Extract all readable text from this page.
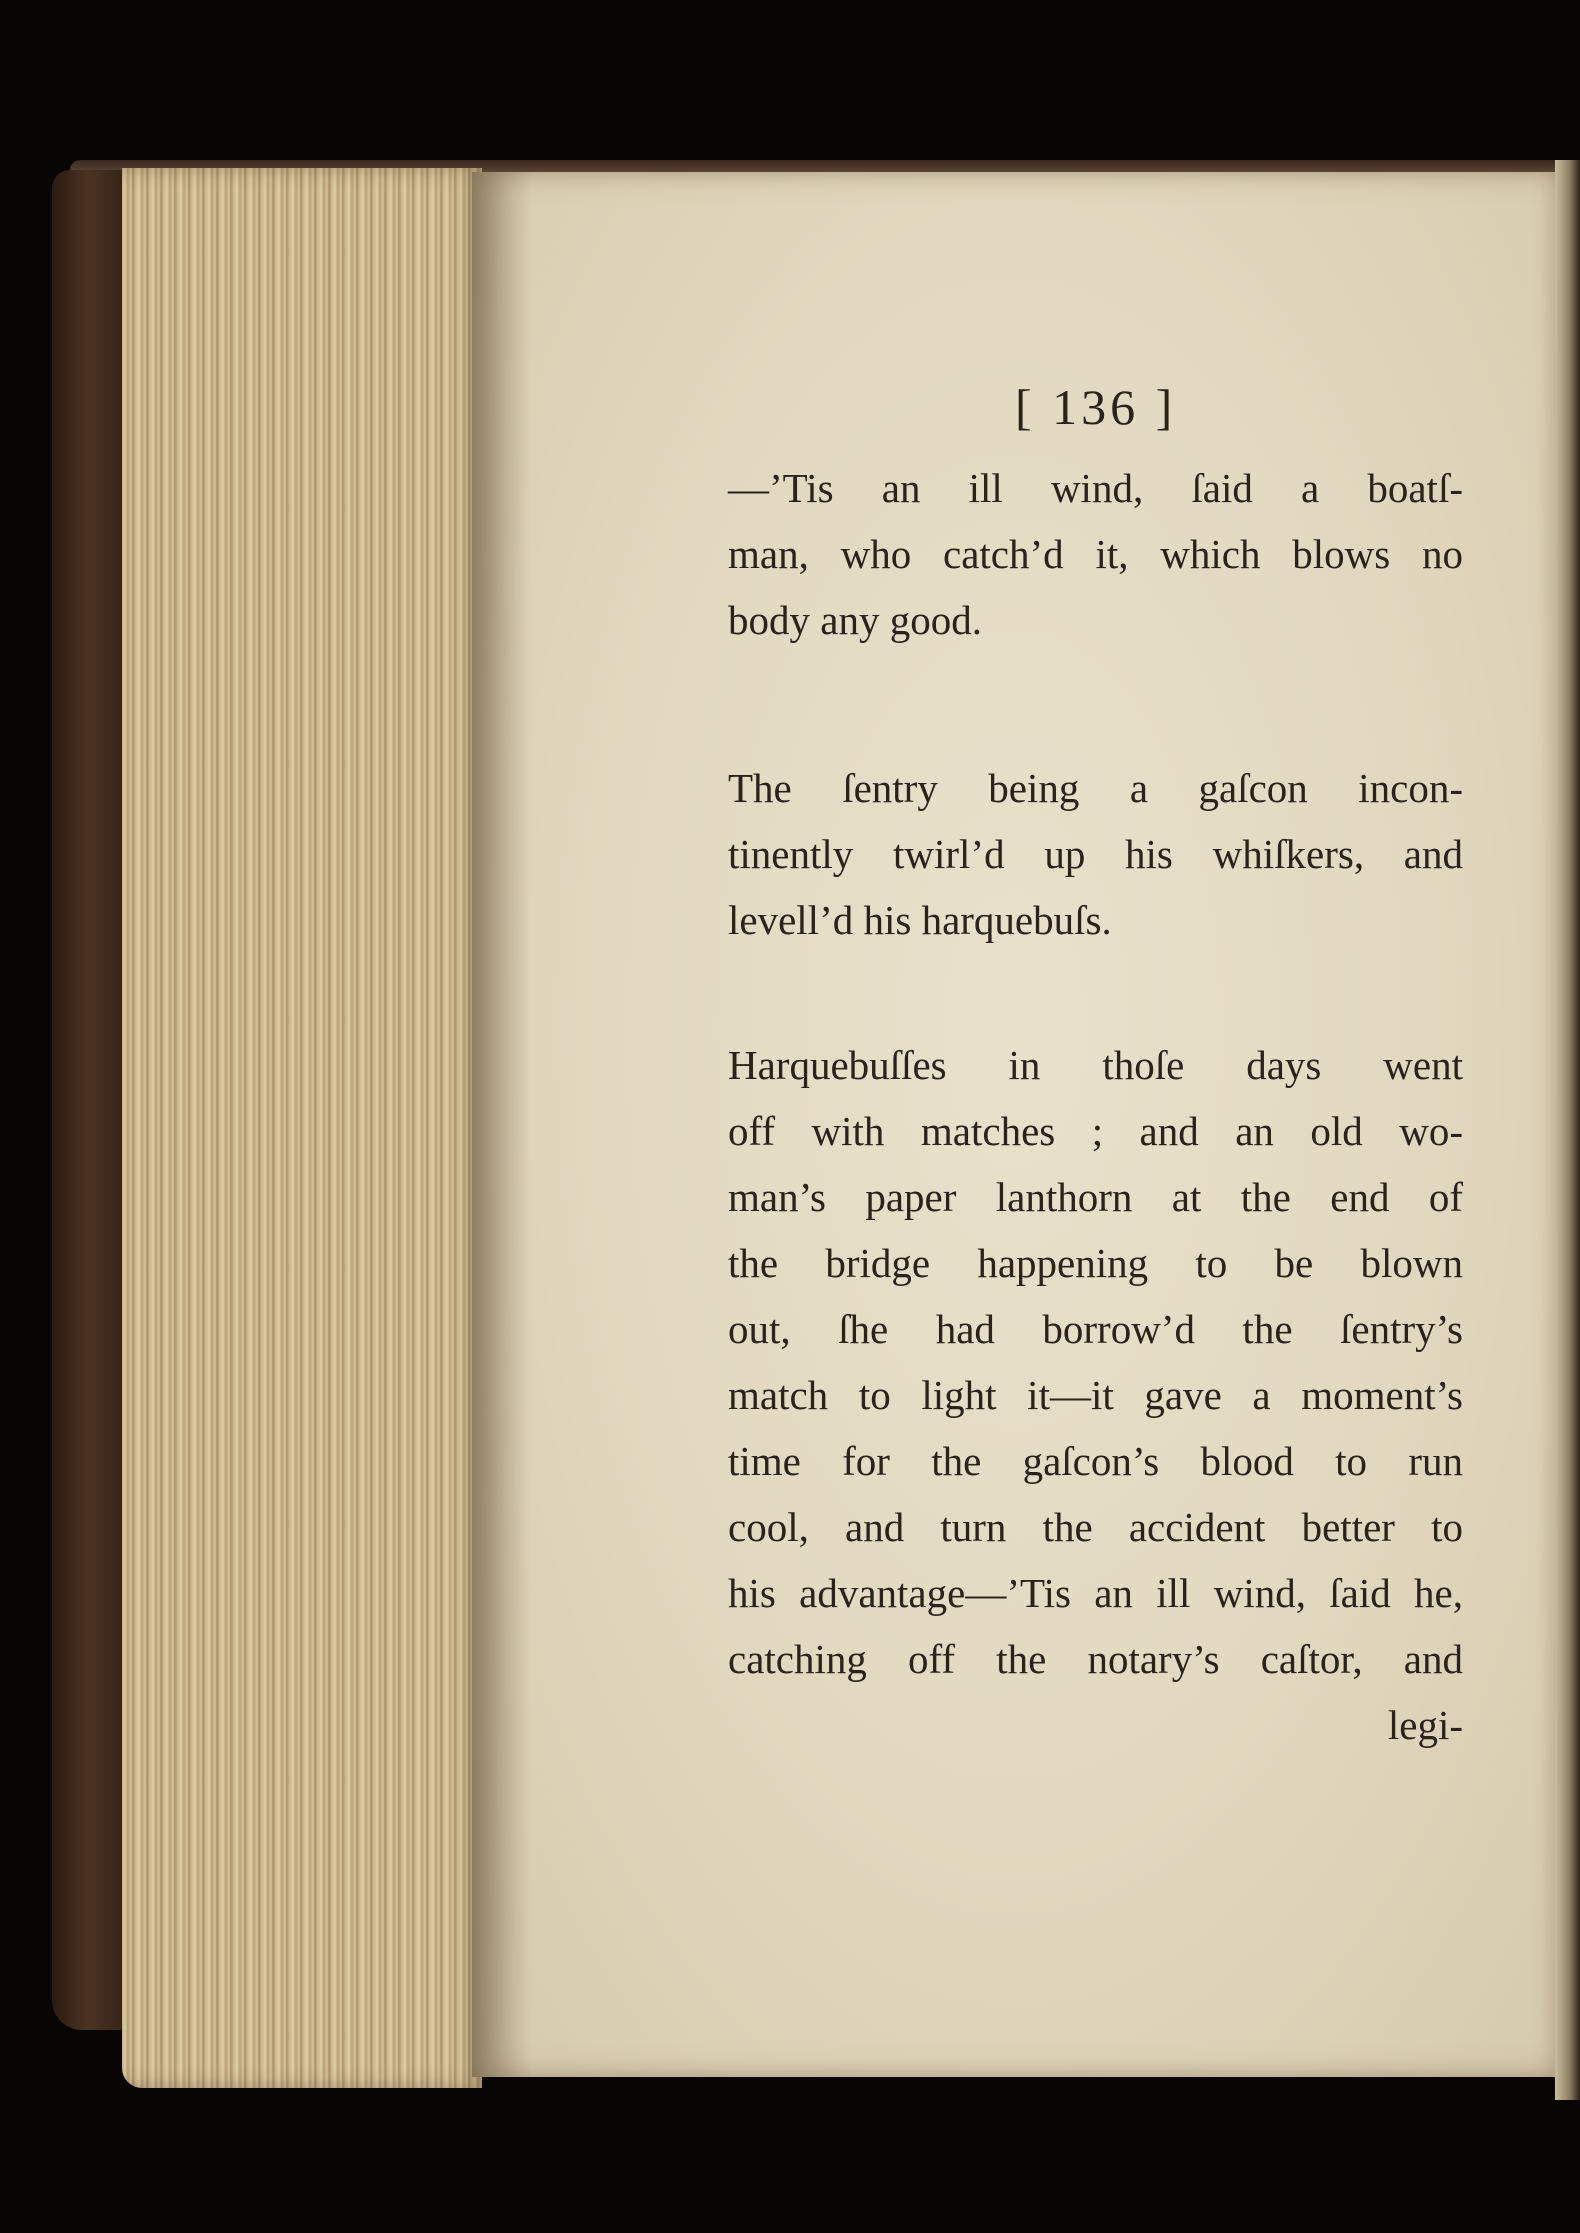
[ 136 ]
—’Tis an ill wind, ſaid a boatſ-
man, who catch’d it, which blows no
body any good.
The ſentry being a gaſcon incon-
tinently twirl’d up his whiſkers, and
levell’d his harquebuſs.
Harquebuſſes in thoſe days went
off with matches ; and an old wo-
man’s paper lanthorn at the end of
the bridge happening to be blown
out, ſhe had borrow’d the ſentry’s
match to light it—it gave a moment’s
time for the gaſcon’s blood to run
cool, and turn the accident better to
his advantage—’Tis an ill wind, ſaid he,
catching off the notary’s caſtor, and
legi-
